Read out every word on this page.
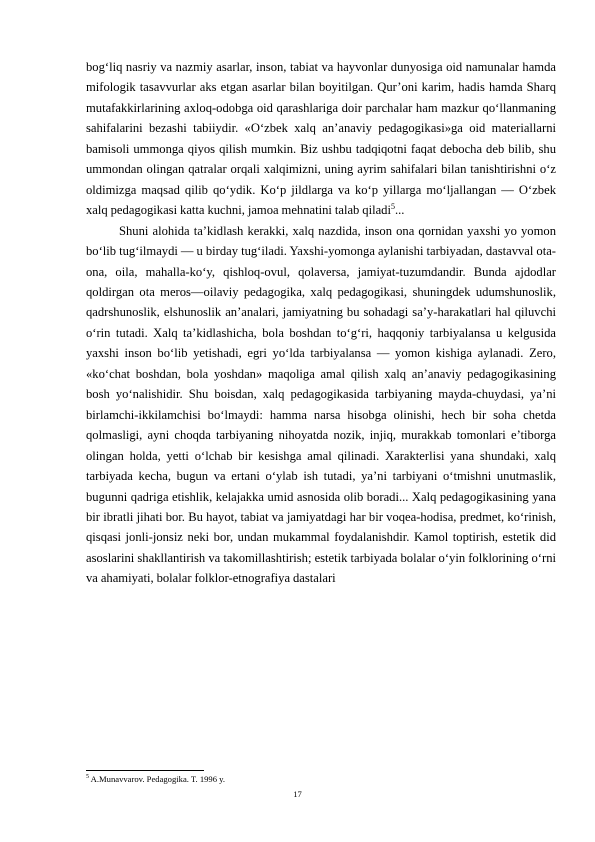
bog‘liq nasriy va nazmiy asarlar, inson, tabiat va hayvonlar dunyosiga oid namunalar hamda mifologik tasavvurlar aks etgan asarlar bilan boyitilgan. Qur’oni karim, hadis hamda Sharq mutafakkirlarining axloq-odobga oid qarashlariga doir parchalar ham mazkur qo‘llanmaning sahifalarini bezashi tabiiydir. «O‘zbek xalq an’anaviy pedagogikasi»ga oid materiallarni bamisoli ummonga qiyos qilish mumkin. Biz ushbu tadqiqotni faqat debocha deb bilib, shu ummondan olingan qatralar orqali xalqimizni, uning ayrim sahifalari bilan tanishtirishni o‘z oldimizga maqsad qilib qo‘ydik. Ko‘p jildlarga va ko‘p yillarga mo‘ljallangan — O‘zbek xalq pedagogikasi katta kuchni, jamoa mehnatini talab qiladi$^5$...

Shuni alohida ta’kidlash kerakki, xalq nazdida, inson ona qornidan yaxshi yo yomon bo‘lib tug‘ilmaydi — u birday tug‘iladi. Yaxshi-yomonga aylanishi tarbiyadan, dastavval ota-ona, oila, mahalla-ko‘y, qishloq-ovul, qolaversa, jamiyat-tuzumdandir. Bunda ajdodlar qoldirgan ota meros—oilaviy pedagogika, xalq pedagogikasi, shuningdek udumshunoslik, qadrshunoslik, elshunoslik an’analari, jamiyatning bu sohadagi sa’y-harakatlari hal qiluvchi o‘rin tutadi. Xalq ta’kidlashicha, bola boshdan to‘g‘ri, haqqoniy tarbiyalansa u kelgusida yaxshi inson bo‘lib yetishadi, egri yo‘lda tarbiyalansa — yomon kishiga aylanadi. Zero, «ko‘chat boshdan, bola yoshdan» maqoliga amal qilish xalq an’anaviy pedagogikasining bosh yo‘nalishidir. Shu boisdan, xalq pedagogikasida tarbiyaning mayda-chuydasi, ya’ni birlamchi-ikkilamchisi bo‘lmaydi: hamma narsa hisobga olinishi, hech bir soha chetda qolmasligi, ayni choqda tarbiyaning nihoyatda nozik, injiq, murakkab tomonlari e’tiborga olingan holda, yetti o‘lchab bir kesishga amal qilinadi. Xarakterlisi yana shundaki, xalq tarbiyada kecha, bugun va ertani o‘ylab ish tutadi, ya’ni tarbiyani o‘tmishni unutmaslik, bugunni qadriga etishlik, kelajakka umid asnosida olib boradi... Xalq pedagogikasining yana bir ibratli jihati bor. Bu hayot, tabiat va jamiyatdagi har bir voqea-hodisa, predmet, ko‘rinish, qisqasi jonli-jonsiz neki bor, undan mukammal foydalanishdir. Kamol toptirish, estetik did asoslarini shakllantirish va takomillashtirish; estetik tarbiyada bolalar o‘yin folklorining o‘rni va ahamiyati, bolalar folklor-etnografiya dastalari

$^5$ A.Munavvarov. Pedagogika. T. 1996 y.
17
